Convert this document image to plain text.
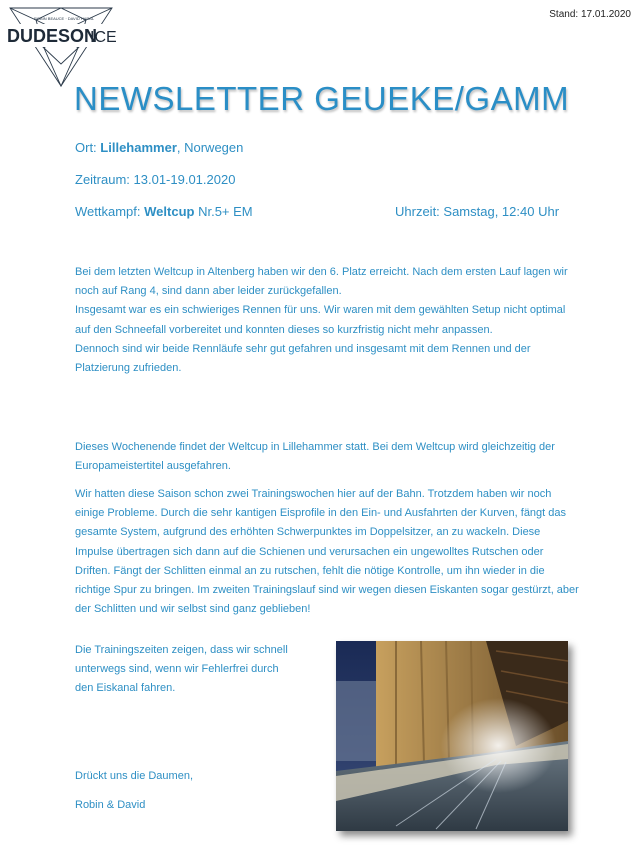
Stand: 17.01.2020
ROBIN BEAUCE · DAVID HARAL
DUDESON
ICE
NEWSLETTER GEUEKE/GAMM
Ort: Lillehammer, Norwegen
Zeitraum: 13.01-19.01.2020
Wettkampf: Weltcup Nr.5+ EM	Uhrzeit: Samstag, 12:40 Uhr

Bei dem letzten Weltcup in Altenberg haben wir den 6. Platz erreicht. Nach dem ersten Lauf lagen wir noch auf Rang 4, sind dann aber leider zurückgefallen.

Insgesamt war es ein schwieriges Rennen für uns. Wir waren mit dem gewählten Setup nicht optimal auf den Schneefall vorbereitet und konnten dieses so kurzfristig nicht mehr anpassen.

Dennoch sind wir beide Rennläufe sehr gut gefahren und insgesamt mit dem Rennen und der Platzierung zufrieden.

Dieses Wochenende findet der Weltcup in Lillehammer statt. Bei dem Weltcup wird gleichzeitig der Europameistertitel ausgefahren.

Wir hatten diese Saison schon zwei Trainingswochen hier auf der Bahn. Trotzdem haben wir noch einige Probleme. Durch die sehr kantigen Eisprofile in den Ein- und Ausfahrten der Kurven, fängt das gesamte System, aufgrund des erhöhten Schwerpunktes im Doppelsitzer, an zu wackeln. Diese Impulse übertragen sich dann auf die Schienen und verursachen ein ungewolltes Rutschen oder Driften. Fängt der Schlitten einmal an zu rutschen, fehlt die nötige Kontrolle, um ihn wieder in die richtige Spur zu bringen. Im zweiten Trainingslauf sind wir wegen diesen Eiskanten sogar gestürzt, aber der Schlitten und wir selbst sind ganz geblieben!

Die Trainingszeiten zeigen, dass wir schnell

unterwegs sind, wenn wir Fehlerfrei durch

den Eiskanal fahren.

Drückt uns die Daumen,
Robin & David
